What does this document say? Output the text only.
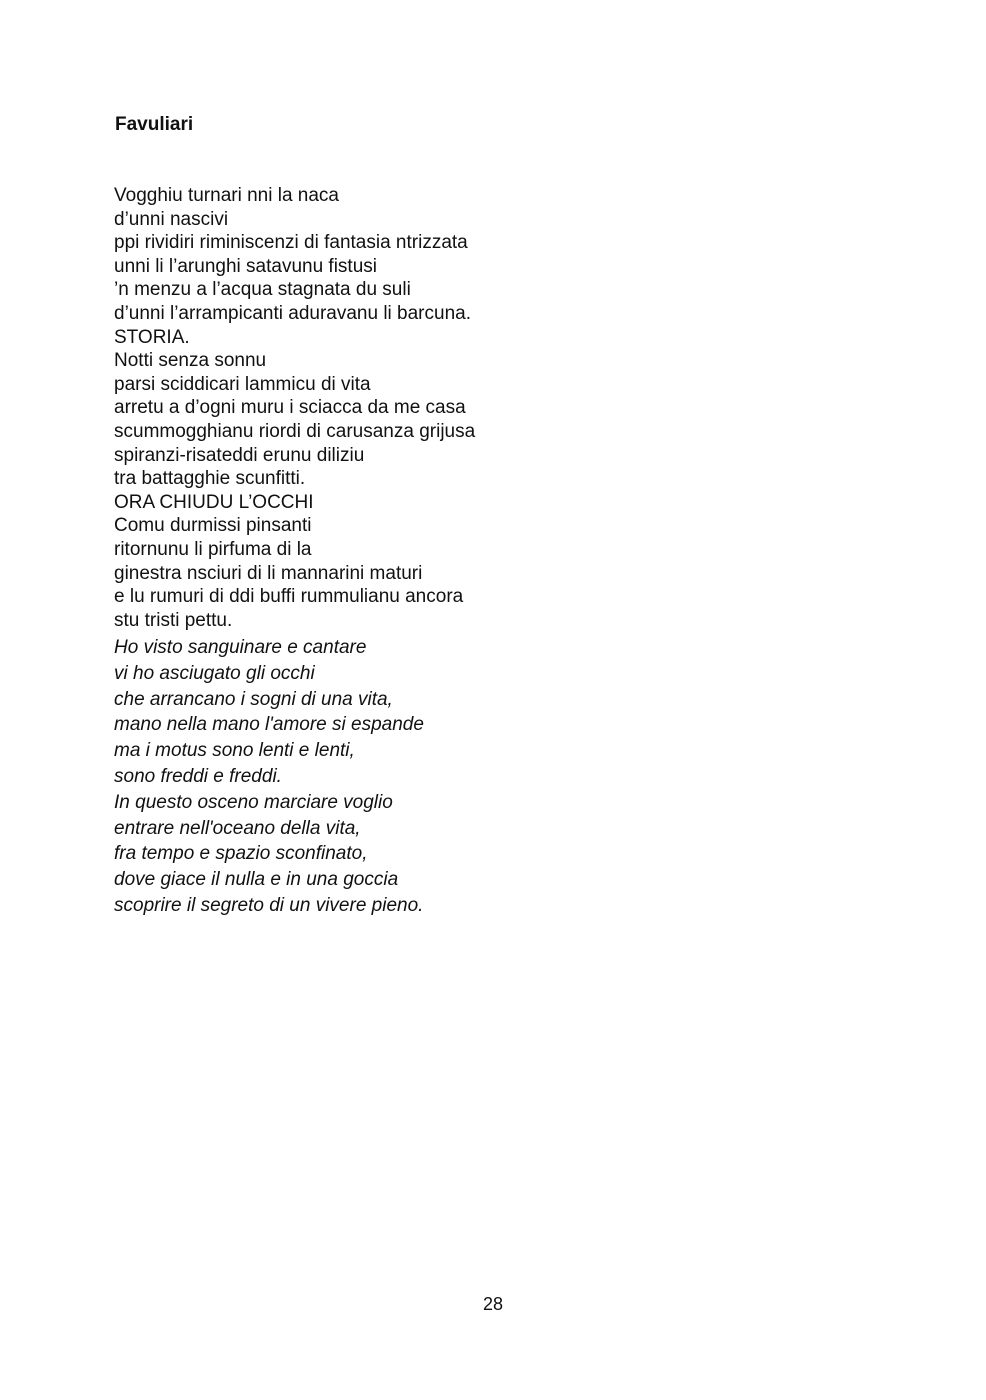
Favuliari
Vogghiu turnari nni la naca
d’unni nascivi
ppi rividiri riminiscenzi di fantasia ntrizzata
unni li l’arunghi satavunu fistusi
’n menzu a l’acqua stagnata du suli
d’unni l’arrampicanti aduravanu li barcuna.
STORIA.
Notti senza sonnu
parsi sciddicari lammicu di vita
arretu a d’ogni muru i sciacca da me casa
scummogghianu riordi di carusanza grijusa
spiranzi-risateddi erunu diliziu
tra battagghie scunfitti.
ORA CHIUDU L’OCCHI
Comu durmissi pinsanti
ritornunu li pirfuma di la
ginestra nsciuri di li mannarini maturi
e lu rumuri di ddi buffi rummulianu ancora
stu tristi pettu.
Ho visto sanguinare e cantare
vi ho asciugato gli occhi
che arrancano i sogni di una vita,
mano nella mano l'amore si espande
ma i motus sono lenti e lenti,
sono freddi e freddi.
In questo osceno marciare voglio
entrare nell'oceano della vita,
fra tempo e spazio sconfinato,
dove giace il nulla e in una goccia
scoprire il segreto di un vivere pieno.
28
